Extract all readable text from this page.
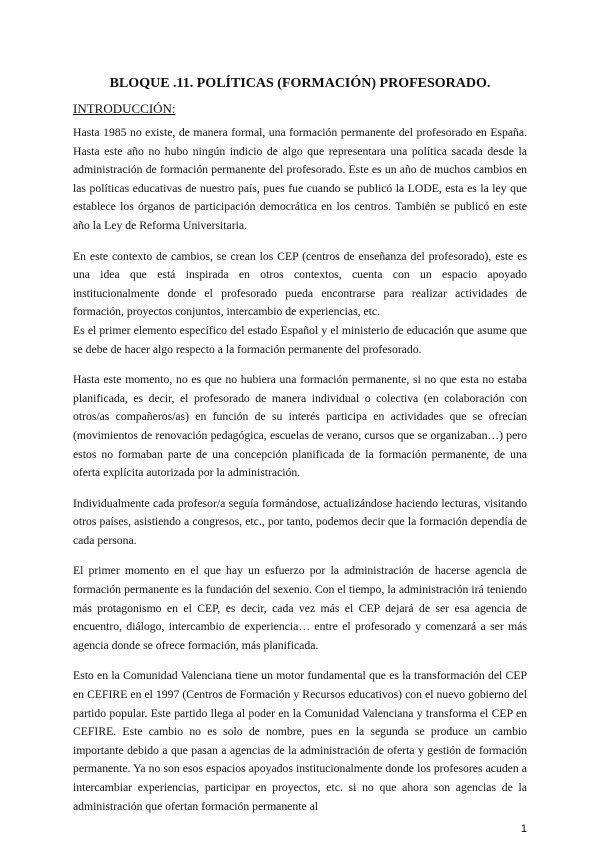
BLOQUE .11. POLÍTICAS (FORMACIÓN) PROFESORADO.
INTRODUCCIÓN:

Hasta 1985 no existe, de manera formal, una formación permanente del profesorado en España. Hasta este año no hubo ningún indicio de algo que representara una política sacada desde la administración de formación permanente del profesorado. Este es un año de muchos cambios en las políticas educativas de nuestro país, pues fue cuando se publicó la LODE, esta es la ley que establece los órganos de participación democrática en los centros. También se publicó en este año la Ley de Reforma Universitaria.

En este contexto de cambios, se crean los CEP (centros de enseñanza del profesorado), este es una idea que está inspirada en otros contextos, cuenta con un espacio apoyado institucionalmente donde el profesorado pueda encontrarse para realizar actividades de formación, proyectos conjuntos, intercambio de experiencias, etc.

Es el primer elemento específico del estado Español y el ministerio de educación que asume que se debe de hacer algo respecto a la formación permanente del profesorado.

Hasta este momento, no es que no hubiera una formación permanente, si no que esta no estaba planificada, es decir, el profesorado de manera individual o colectiva (en colaboración con otros/as compañeros/as) en función de su interés participa en actividades que se ofrecían (movimientos de renovación pedagógica, escuelas de verano, cursos que se organizaban…) pero estos no formaban parte de una concepción planificada de la formación permanente, de una oferta explícita autorizada por la administración.

Individualmente cada profesor/a seguía formándose, actualizándose haciendo lecturas, visitando otros países, asistiendo a congresos, etc., por tanto, podemos decir que la formación dependía de cada persona.

El primer momento en el que hay un esfuerzo por la administración de hacerse agencia de formación permanente es la fundación del sexenio. Con el tiempo, la administración irá teniendo más protagonismo en el CEP, es decir, cada vez más el CEP dejará de ser esa agencia de encuentro, diálogo, intercambio de experiencia… entre el profesorado y comenzará a ser más agencia donde se ofrece formación, más planificada.

Esto en la Comunidad Valenciana tiene un motor fundamental que es la transformación del CEP en CEFIRE en el 1997 (Centros de Formación y Recursos educativos) con el nuevo gobierno del partido popular. Este partido llega al poder en la Comunidad Valenciana y transforma el CEP en CEFIRE. Este cambio no es solo de nombre, pues en la segunda se produce un cambio importante debido a que pasan a agencias de la administración de oferta y gestión de formación permanente. Ya no son esos espacios apoyados institucionalmente donde los profesores acuden a intercambiar experiencias, participar en proyectos, etc. si no que ahora son agencias de la administración que ofertan formación permanente al

1
